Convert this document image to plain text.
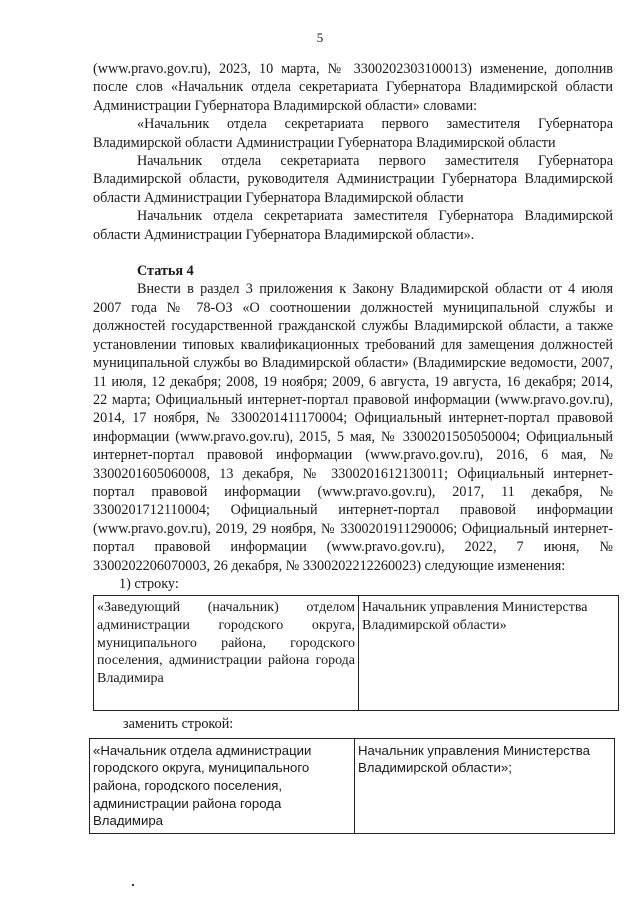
5

(www.pravo.gov.ru), 2023, 10 марта, № 3300202303100013) изменение, дополнив после слов «Начальник отдела секретариата Губернатора Владимирской области Администрации Губернатора Владимирской области» словами:

«Начальник отдела секретариата первого заместителя Губернатора Владимирской области Администрации Губернатора Владимирской области

Начальник отдела секретариата первого заместителя Губернатора Владимирской области, руководителя Администрации Губернатора Владимирской области Администрации Губернатора Владимирской области

Начальник отдела секретариата заместителя Губернатора Владимирской области Администрации Губернатора Владимирской области».

Статья 4

Внести в раздел 3 приложения к Закону Владимирской области от 4 июля 2007 года № 78-ОЗ «О соотношении должностей муниципальной службы и должностей государственной гражданской службы Владимирской области, а также установлении типовых квалификационных требований для замещения должностей муниципальной службы во Владимирской области» (Владимирские ведомости, 2007, 11 июля, 12 декабря; 2008, 19 ноября; 2009, 6 августа, 19 августа, 16 декабря; 2014, 22 марта; Официальный интернет-портал правовой информации (www.pravo.gov.ru), 2014, 17 ноября, № 3300201411170004; Официальный интернет-портал правовой информации (www.pravo.gov.ru), 2015, 5 мая, № 3300201505050004; Официальный интернет-портал правовой информации (www.pravo.gov.ru), 2016, 6 мая, № 3300201605060008, 13 декабря, № 3300201612130011; Официальный интернет-портал правовой информации (www.pravo.gov.ru), 2017, 11 декабря, № 3300201712110004; Официальный интернет-портал правовой информации (www.pravo.gov.ru), 2019, 29 ноября, № 3300201911290006; Официальный интернет-портал правовой информации (www.pravo.gov.ru), 2022, 7 июня, № 3300202206070003, 26 декабря, № 3300202212260023) следующие изменения:

1) строку:

«Заведующий (начальник) отделом администрации городского округа, муниципального района, городского поселения, администрации района города Владимира	Начальник управления Министерства Владимирской области»

заменить строкой:

«Начальник отдела администрации городского округа, муниципального района, городского поселения, администрации района города Владимира	Начальник управления Министерства Владимирской области»;
